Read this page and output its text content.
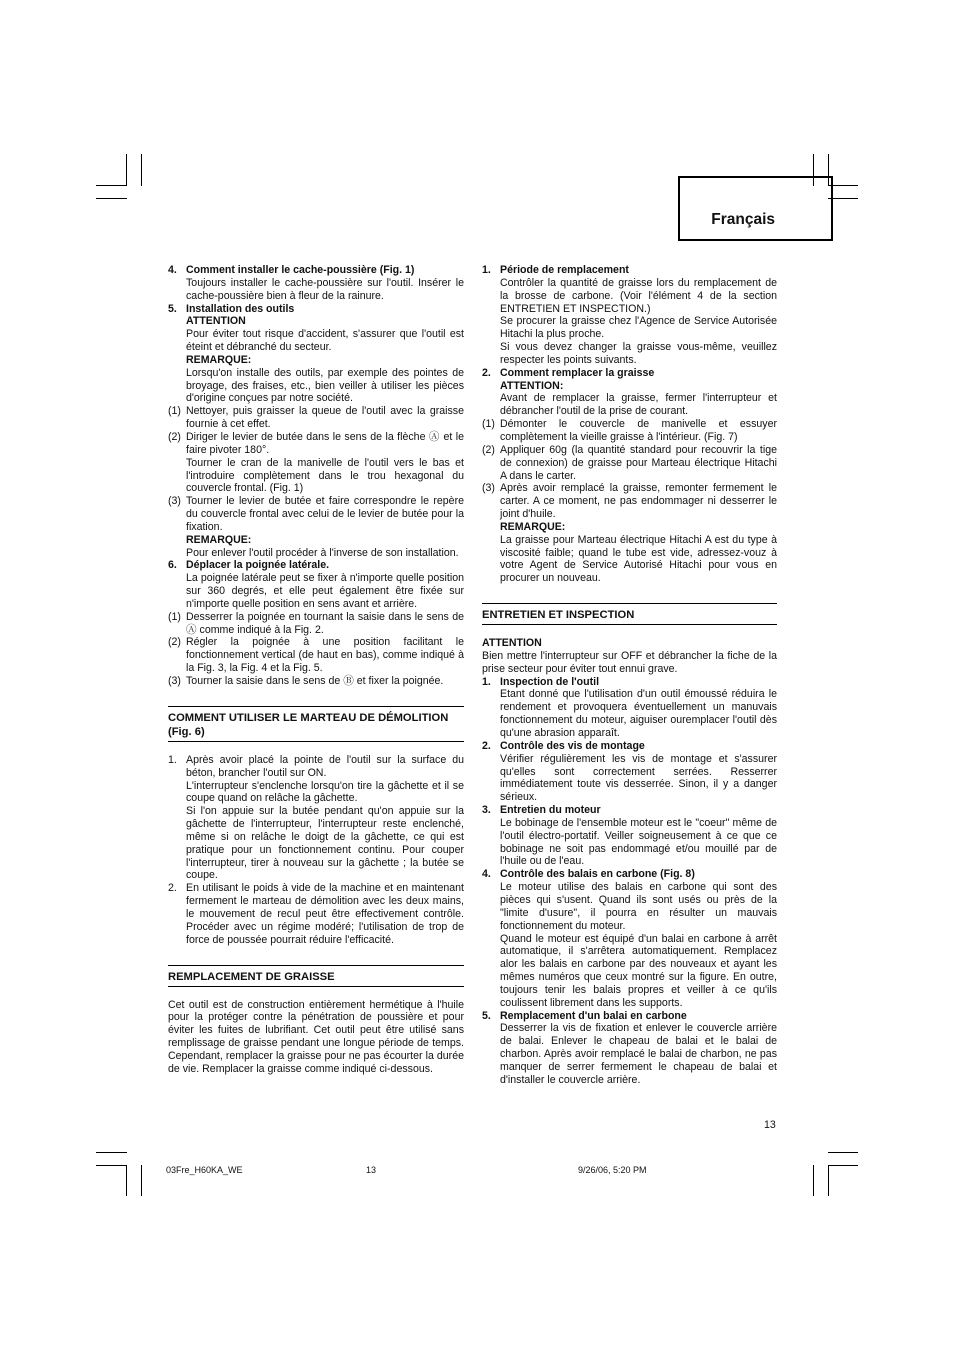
Français
4. Comment installer le cache-poussière (Fig. 1)
Toujours installer le cache-poussière sur l'outil. Insérer le cache-poussière bien à fleur de la rainure.
5. Installation des outils
ATTENTION
Pour éviter tout risque d'accident, s'assurer que l'outil est éteint et débranché du secteur.
REMARQUE:
Lorsqu'on installe des outils, par exemple des pointes de broyage, des fraises, etc., bien veiller à utiliser les pièces d'origine conçues par notre société.
(1) Nettoyer, puis graisser la queue de l'outil avec la graisse fournie à cet effet.
(2) Diriger le levier de butée dans le sens de la flèche Ⓐ et le faire pivoter 180°.
Tourner le cran de la manivelle de l'outil vers le bas et l'introduire complètement dans le trou hexagonal du couvercle frontal. (Fig. 1)
(3) Tourner le levier de butée et faire correspondre le repère du couvercle frontal avec celui de le levier de butée pour la fixation.
REMARQUE:
Pour enlever l'outil procéder à l'inverse de son installation.
6. Déplacer la poignée latérale.
La poignée latérale peut se fixer à n'importe quelle position sur 360 degrés, et elle peut également être fixée sur n'importe quelle position en sens avant et arrière.
(1) Desserrer la poignée en tournant la saisie dans le sens de Ⓐ comme indiqué à la Fig. 2.
(2) Régler la poignée à une position facilitant le fonctionnement vertical (de haut en bas), comme indiqué à la Fig. 3, la Fig. 4 et la Fig. 5.
(3) Tourner la saisie dans le sens de Ⓑ et fixer la poignée.
COMMENT UTILISER LE MARTEAU DE DÉMOLITION (Fig. 6)
1. Après avoir placé la pointe de l'outil sur la surface du béton, brancher l'outil sur ON.
L'interrupteur s'enclenche lorsqu'on tire la gâchette et il se coupe quand on relâche la gâchette.
Si l'on appuie sur la butée pendant qu'on appuie sur la gâchette de l'interrupteur, l'interrupteur reste enclenché, même si on relâche le doigt de la gâchette, ce qui est pratique pour un fonctionnement continu. Pour couper l'interrupteur, tirer à nouveau sur la gâchette ; la butée se coupe.
2. En utilisant le poids à vide de la machine et en maintenant fermement le marteau de démolition avec les deux mains, le mouvement de recul peut être effectivement contrôle. Procéder avec un régime modéré; l'utilisation de trop de force de poussée pourrait réduire l'efficacité.
REMPLACEMENT DE GRAISSE
Cet outil est de construction entièrement hermétique à l'huile pour la protéger contre la pénétration de poussière et pour éviter les fuites de lubrifiant. Cet outil peut être utilisé sans remplissage de graisse pendant une longue période de temps. Cependant, remplacer la graisse pour ne pas écourter la durée de vie. Remplacer la graisse comme indiqué ci-dessous.
1. Période de remplacement
Contrôler la quantité de graisse lors du remplacement de la brosse de carbone. (Voir l'élément 4 de la section ENTRETIEN ET INSPECTION.)
Se procurer la graisse chez l'Agence de Service Autorisée Hitachi la plus proche.
Si vous devez changer la graisse vous-même, veuillez respecter les points suivants.
2. Comment remplacer la graisse
ATTENTION:
Avant de remplacer la graisse, fermer l'interrupteur et débrancher l'outil de la prise de courant.
(1) Démonter le couvercle de manivelle et essuyer complètement la vieille graisse à l'intérieur. (Fig. 7)
(2) Appliquer 60g (la quantité standard pour recouvrir la tige de connexion) de graisse pour Marteau électrique Hitachi A dans le carter.
(3) Après avoir remplacé la graisse, remonter fermement le carter. A ce moment, ne pas endommager ni desserrer le joint d'huile.
REMARQUE:
La graisse pour Marteau électrique Hitachi A est du type à viscosité faible; quand le tube est vide, adressez-vouz à votre Agent de Service Autorisé Hitachi pour vous en procurer un nouveau.
ENTRETIEN ET INSPECTION
ATTENTION
Bien mettre l'interrupteur sur OFF et débrancher la fiche de la prise secteur pour éviter tout ennui grave.
1. Inspection de l'outil
Etant donné que l'utilisation d'un outil émoussé réduira le rendement et provoquera éventuellement un manuvais fonctionnement du moteur, aiguiser ouremplacer l'outil dès qu'une abrasion apparaît.
2. Contrôle des vis de montage
Vérifier régulièrement les vis de montage et s'assurer qu'elles sont correctement serrées. Resserrer immédiatement toute vis desserrée. Sinon, il y a danger sérieux.
3. Entretien du moteur
Le bobinage de l'ensemble moteur est le "coeur" même de l'outil électro-portatif. Veiller soigneusement à ce que ce bobinage ne soit pas endommagé et/ou mouillé par de l'huile ou de l'eau.
4. Contrôle des balais en carbone (Fig. 8)
Le moteur utilise des balais en carbone qui sont des pièces qui s'usent. Quand ils sont usés ou près de la "limite d'usure", il pourra en résulter un mauvais fonctionnement du moteur.
Quand le moteur est équipé d'un balai en carbone à arrêt automatique, il s'arrêtera automatiquement. Remplacez alor les balais en carbone par des nouveaux et ayant les mêmes numéros que ceux montré sur la figure. En outre, toujours tenir les balais propres et veiller à ce qu'ils coulissent librement dans les supports.
5. Remplacement d'un balai en carbone
Desserrer la vis de fixation et enlever le couvercle arrière de balai. Enlever le chapeau de balai et le balai de charbon. Après avoir remplacé le balai de charbon, ne pas manquer de serrer fermement le chapeau de balai et d'installer le couvercle arrière.
13
03Fre_H60KA_WE	13	9/26/06, 5:20 PM
